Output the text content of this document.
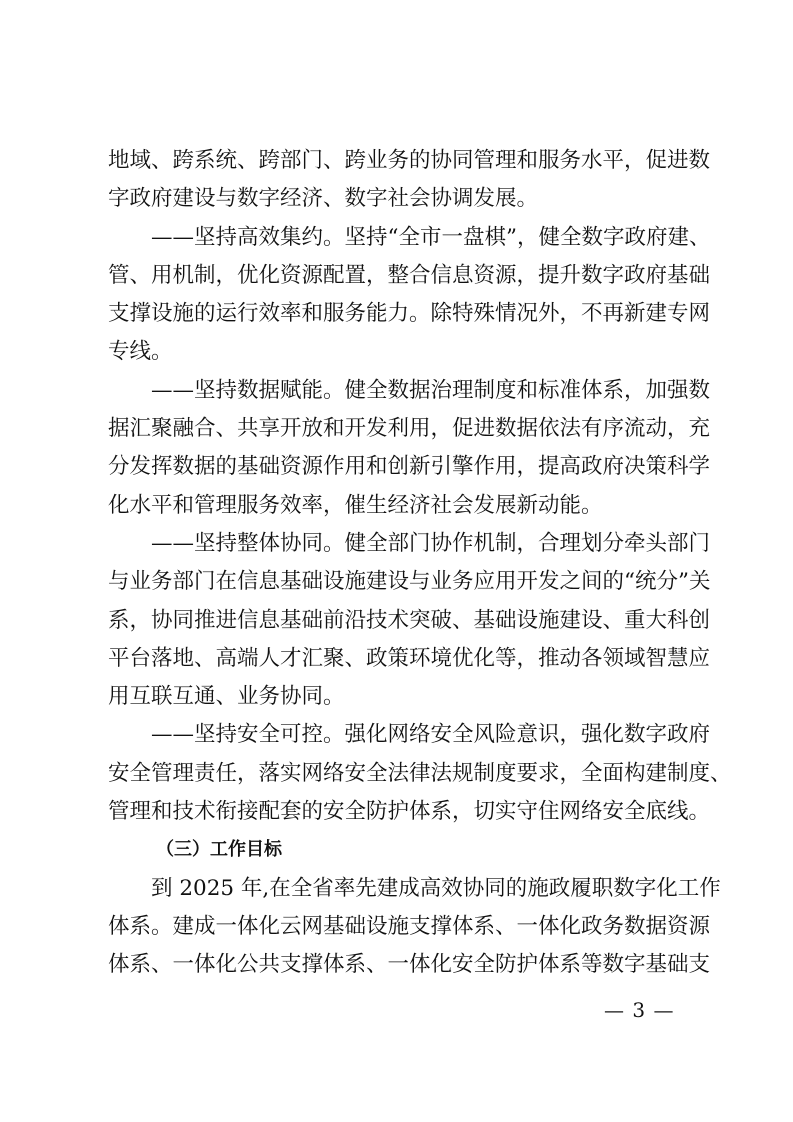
地域、跨系统、跨部门、跨业务的协同管理和服务水平，促进数
字政府建设与数字经济、数字社会协调发展。
——坚持高效集约。坚持“全市一盘棋”，健全数字政府建、
管、用机制，优化资源配置，整合信息资源，提升数字政府基础
支撑设施的运行效率和服务能力。除特殊情况外，不再新建专网
专线。
——坚持数据赋能。健全数据治理制度和标准体系，加强数
据汇聚融合、共享开放和开发利用，促进数据依法有序流动，充
分发挥数据的基础资源作用和创新引擎作用，提高政府决策科学
化水平和管理服务效率，催生经济社会发展新动能。
——坚持整体协同。健全部门协作机制，合理划分牵头部门
与业务部门在信息基础设施建设与业务应用开发之间的“统分”关
系，协同推进信息基础前沿技术突破、基础设施建设、重大科创
平台落地、高端人才汇聚、政策环境优化等，推动各领域智慧应
用互联互通、业务协同。
——坚持安全可控。强化网络安全风险意识，强化数字政府
安全管理责任，落实网络安全法律法规制度要求，全面构建制度、
管理和技术衔接配套的安全防护体系，切实守住网络安全底线。
（三）工作目标
到 2025 年,在全省率先建成高效协同的施政履职数字化工作
体系。建成一体化云网基础设施支撑体系、一体化政务数据资源
体系、一体化公共支撑体系、一体化安全防护体系等数字基础支
— 3 —
